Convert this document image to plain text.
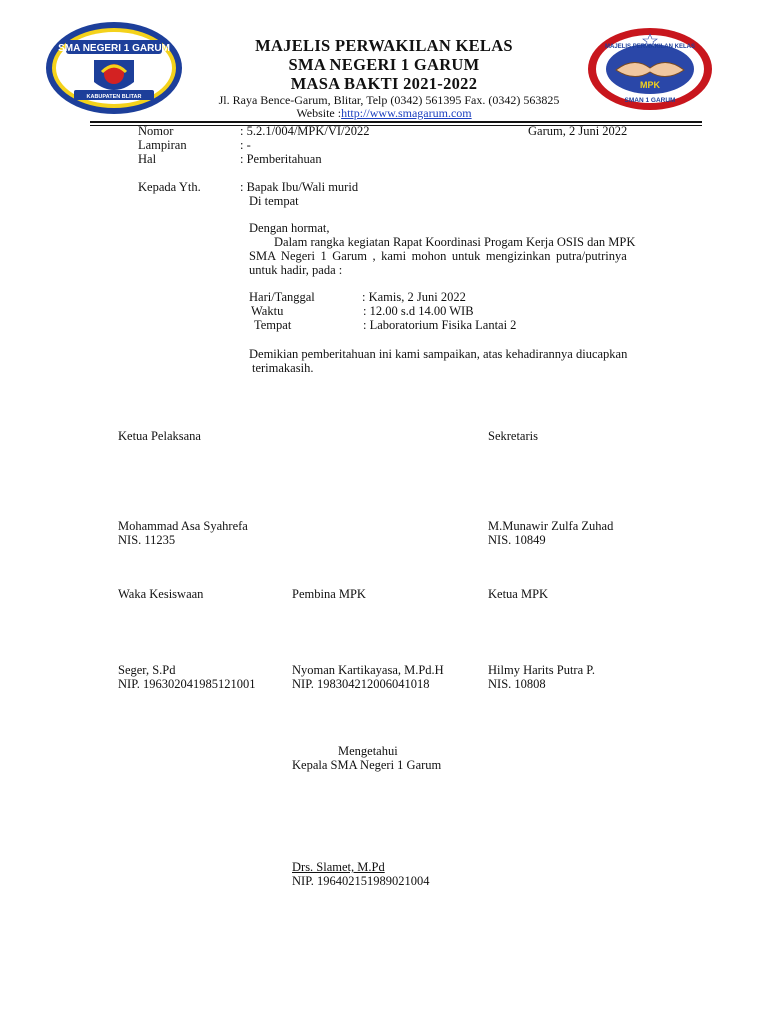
SMA NEGERI 1 GARUM
KABUPATEN BLITAR
MAJELIS PERWAKILAN KELAS
MPK
SMAN 1 GARUM
MAJELIS PERWAKILAN KELAS
SMA NEGERI 1 GARUM
MASA BAKTI 2021-2022
Jl. Raya Bence-Garum, Blitar, Telp (0342) 561395 Fax. (0342) 563825
Website :http://www.smagarum.com
Nomor	: 5.2.1/004/MPK/VI/2022	Garum, 2 Juni 2022
Lampiran	: -
Hal	: Pemberitahuan
Kepada Yth.	: Bapak Ibu/Wali murid
Di tempat
Dengan hormat,
Dalam rangka kegiatan Rapat Koordinasi Progam Kerja OSIS dan MPK
SMA Negeri 1 Garum , kami mohon untuk mengizinkan putra/putrinya
untuk hadir, pada :
Hari/Tanggal	: Kamis, 2 Juni 2022
Waktu	: 12.00 s.d 14.00 WIB
Tempat	: Laboratorium Fisika Lantai 2
Demikian pemberitahuan ini kami sampaikan, atas kehadirannya diucapkan
terimakasih.
Ketua Pelaksana	Sekretaris
Mohammad Asa Syahrefa
NIS. 11235
M.Munawir Zulfa Zuhad
NIS. 10849
Waka Kesiswaan	Pembina MPK	Ketua MPK
Seger, S.Pd
NIP. 196302041985121001
Nyoman Kartikayasa, M.Pd.H
NIP. 198304212006041018
Hilmy Harits Putra P.
NIS. 10808
Mengetahui
Kepala SMA Negeri 1 Garum
Drs. Slamet, M.Pd
NIP. 196402151989021004
